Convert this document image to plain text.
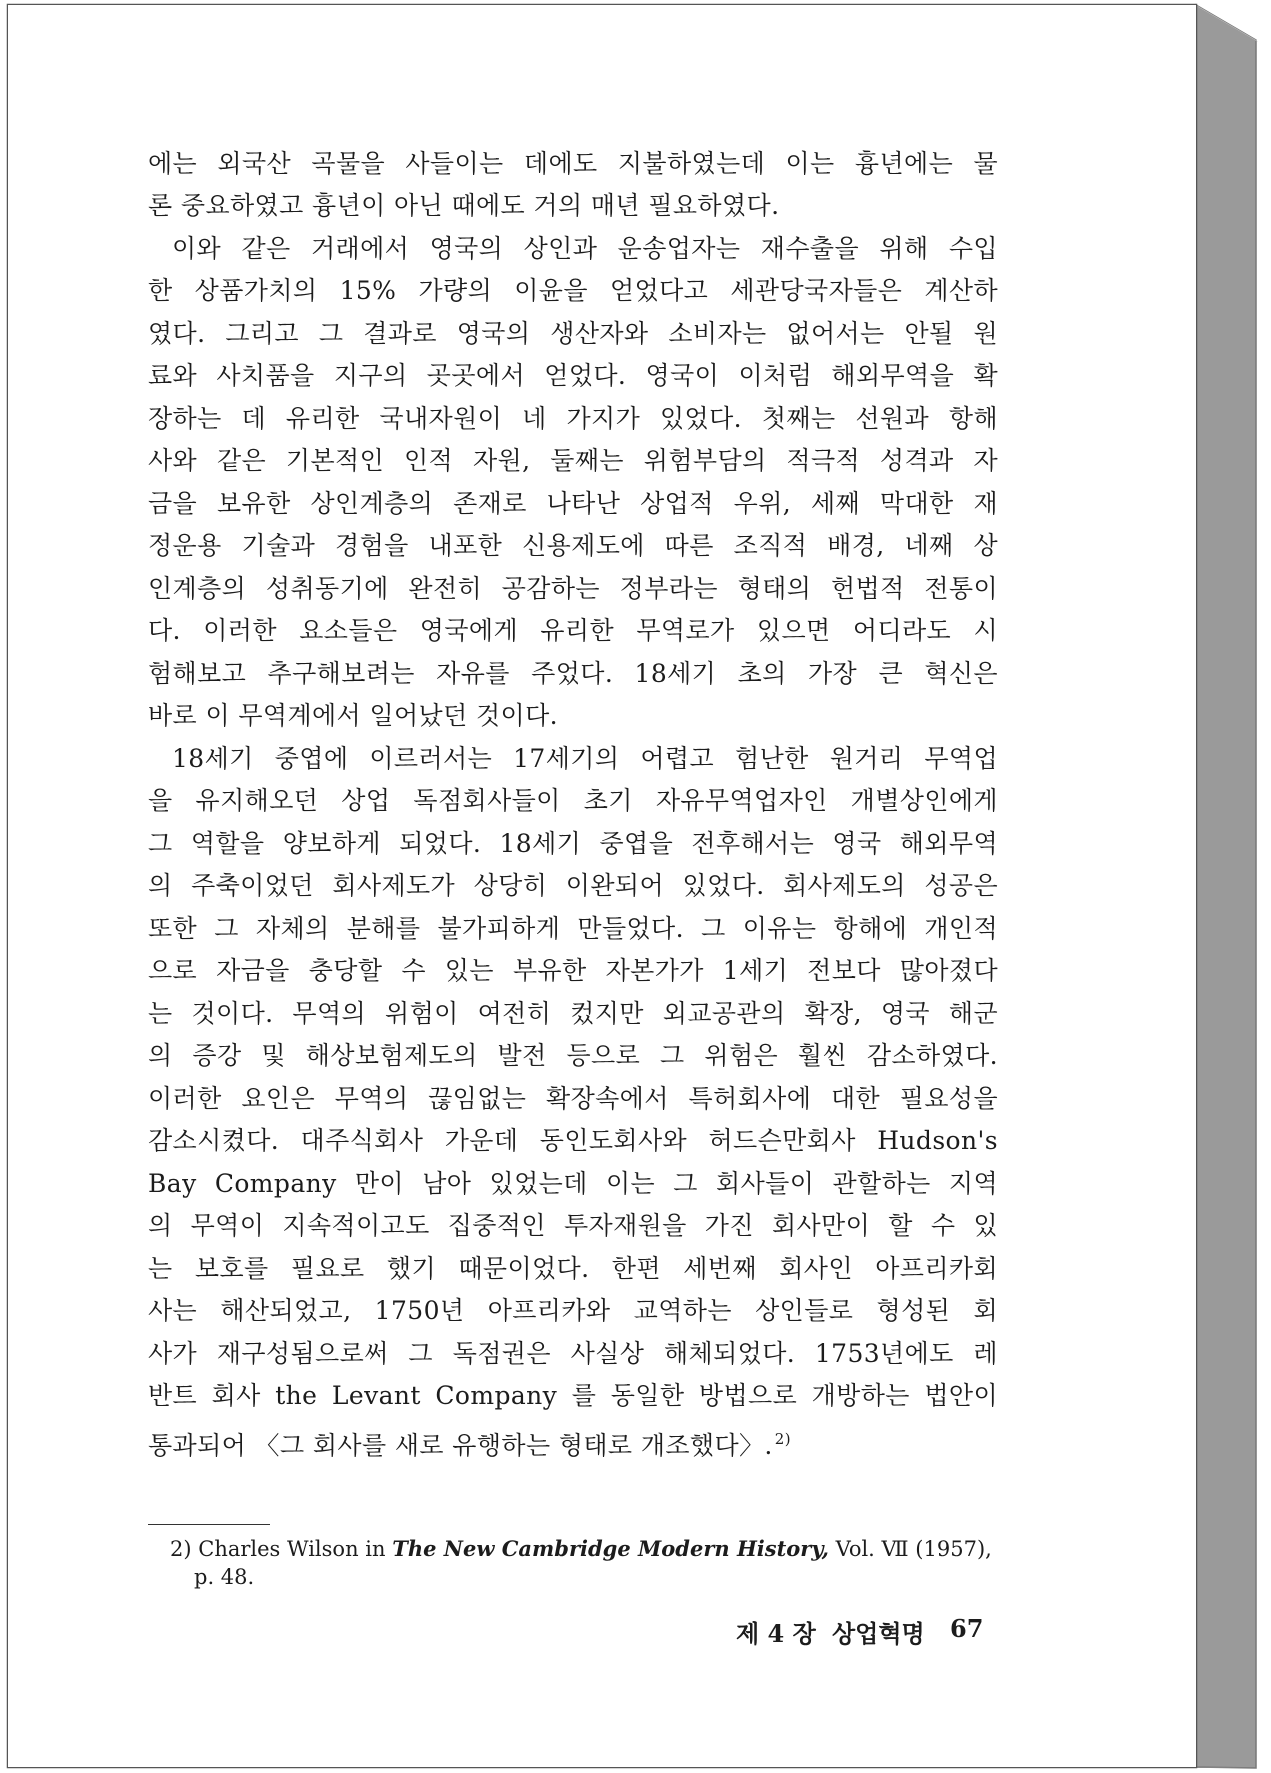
에는 외국산 곡물을 사들이는 데에도 지불하였는데 이는 흉년에는 물
론 중요하였고 흉년이 아닌 때에도 거의 매년 필요하였다.
이와 같은 거래에서 영국의 상인과 운송업자는 재수출을 위해 수입
한 상품가치의 15% 가량의 이윤을 얻었다고 세관당국자들은 계산하
였다. 그리고 그 결과로 영국의 생산자와 소비자는 없어서는 안될 원
료와 사치품을 지구의 곳곳에서 얻었다. 영국이 이처럼 해외무역을 확
장하는 데 유리한 국내자원이 네 가지가 있었다. 첫째는 선원과 항해
사와 같은 기본적인 인적 자원, 둘째는 위험부담의 적극적 성격과 자
금을 보유한 상인계층의 존재로 나타난 상업적 우위, 세째 막대한 재
정운용 기술과 경험을 내포한 신용제도에 따른 조직적 배경, 네째 상
인계층의 성취동기에 완전히 공감하는 정부라는 형태의 헌법적 전통이
다. 이러한 요소들은 영국에게 유리한 무역로가 있으면 어디라도 시
험해보고 추구해보려는 자유를 주었다. 18세기 초의 가장 큰 혁신은
바로 이 무역계에서 일어났던 것이다.
18세기 중엽에 이르러서는 17세기의 어렵고 험난한 원거리 무역업
을 유지해오던 상업 독점회사들이 초기 자유무역업자인 개별상인에게
그 역할을 양보하게 되었다. 18세기 중엽을 전후해서는 영국 해외무역
의 주축이었던 회사제도가 상당히 이완되어 있었다. 회사제도의 성공은
또한 그 자체의 분해를 불가피하게 만들었다. 그 이유는 항해에 개인적
으로 자금을 충당할 수 있는 부유한 자본가가 1세기 전보다 많아졌다
는 것이다. 무역의 위험이 여전히 컸지만 외교공관의 확장, 영국 해군
의 증강 및 해상보험제도의 발전 등으로 그 위험은 훨씬 감소하였다.
이러한 요인은 무역의 끊임없는 확장속에서 특허회사에 대한 필요성을
감소시켰다. 대주식회사 가운데 동인도회사와 허드슨만회사 Hudson's
Bay Company 만이 남아 있었는데 이는 그 회사들이 관할하는 지역
의 무역이 지속적이고도 집중적인 투자재원을 가진 회사만이 할 수 있
는 보호를 필요로 했기 때문이었다. 한편 세번째 회사인 아프리카회
사는 해산되었고, 1750년 아프리카와 교역하는 상인들로 형성된 회
사가 재구성됨으로써 그 독점권은 사실상 해체되었다. 1753년에도 레
반트 회사 the Levant Company 를 동일한 방법으로 개방하는 법안이
통과되어 〈그 회사를 새로 유행하는 형태로 개조했다〉. $^{2)}$
2) Charles Wilson in The New Cambridge Modern History, Vol. Ⅶ (1957),
p. 48.
제 4 장 상업혁명 67
